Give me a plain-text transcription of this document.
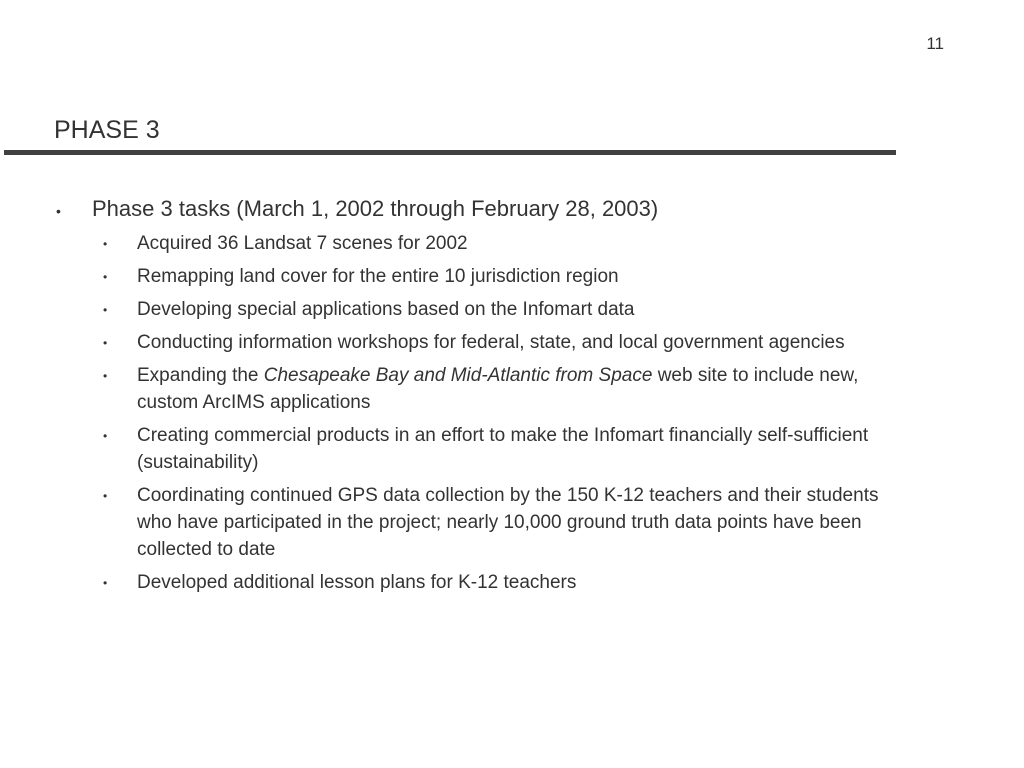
11
PHASE 3
• Phase 3 tasks (March 1, 2002 through February 28, 2003)
• Acquired 36 Landsat 7 scenes for 2002
• Remapping land cover for the entire 10 jurisdiction region
• Developing special applications based on the Infomart data
• Conducting information workshops for federal, state, and local government agencies
• Expanding the Chesapeake Bay and Mid-Atlantic from Space web site to include new, custom ArcIMS applications
• Creating commercial products in an effort to make the Infomart financially self-sufficient (sustainability)
• Coordinating continued GPS data collection by the 150 K-12 teachers and their students who have participated in the project; nearly 10,000 ground truth data points have been collected to date
• Developed additional lesson plans for K-12 teachers
